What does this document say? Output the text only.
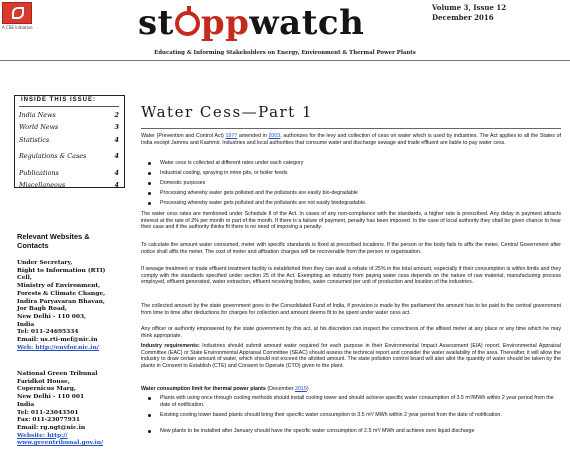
A CSE initiative	st ppwatch	Volume 3, Issue 12
December 2016
Educating & Informing Stakeholders on Energy, Environment & Thermal Power Plants
INSIDE THIS ISSUE:
India News	2
World News	3
Statistics	4
Regulations & Cases	4
Publications	4
Miscellaneous	4
Relevant Websites &
Contacts
Under Secretary,
Right to Information (RTI)
Cell,
Ministry of Environment,
Forests & Climate Change,
Indira Paryavaran Bhavan,
Jor Bagh Road,
New Delhi - 110 003,
India
Tel: 011-24695334
Email: us.rti-mef@nic.in
Web: http://envfor.nic.in/
National Green Tribunal
Faridkot House,
Copernicus Marg,
New Delhi - 110 001
India
Tel: 011-23043501
Fax: 011-23077931
Email: rg.ngt@nic.in
Website: http://
www.greentribunal.gov.in/
Water Cess—Part 1
Water (Prevention and Control Act) 1977 amended in 2003, authorizes for the levy and collection of cess on water which is used by industries. The Act applies to all the States of India except Jammu and Kashmir. Industries and local authorities that consume water and discharge sewage and trade effluent are liable to pay water cess.
Water cess is collected at different rates under each category
Industrial cooling, spraying in mine pits, or boiler feeds
Domestic purposes
Processing whereby water gets polluted and the pollutants are easily bio-degradable
Processing whereby water gets polluted and the pollutants are not easily biodegradable.
The water cess rates are mentioned under Schedule II of the Act. In cases of any non-compliance with the standards, a higher rate is prescribed. Any delay in payment attracts interest at the rate of 2% per month or part of the month. If there is a failure of payment, penalty has been imposed. In the case of local authority they shall be given chance to hear their case and if the authority thinks fit there is no need of imposing a penalty.
To calculate the amount water consumed, meter with specific standards is fixed at prescribed locations. If the person or the body fails to affix the meter, Central Government after notice shall affix the meter. The cost of meter and affixation charges will be recoverable from the person or organisation.
If sewage treatment or trade effluent treatment facility is established then they can avail a rebate of 25% in the total amount, especially if their consumption is within limits and they comply with the standards specified under section 25 of the Act. Exempting an industry from paying water cess depends on the nature of raw material, manufacturing process employed, effluent generated, water extraction, effluent receiving bodies, water consumed per unit of production and location of the industries.
The collected amount by the state government goes to the Consolidated Fund of India, if provision is made by the parliament the amount has to be paid to the central government from time to time after deductions for charges for collection and amount deems fit to be spent under water cess act.
Any officer or authority empowered by the state government by this act, at his discretion can inspect the correctness of the affixed meter at any place or any time which he may think appropriate.
Industry requirements: Industries should submit amount water required for each purpose in their Environmental Impact Assessment (EIA) report. Environmental Appraisal Committee (EAC) or State Environmental Appraisal Committee (SEAC) should assess the technical report and consider the water availability of the area. Thereafter, it will allow the industry to draw certain amount of water, which should not exceed the allotted amount. The state pollution control board will also allot the quantity of water should be taken by the plants in Consent to Establish (CTE) and Consent to Operate (CTO) given to the plant.
Water consumption limit for thermal power plants (December 2015)
Plants with using once through cooling methods should install cooling tower and should achieve specific water consumption of 3.5 m³/MWh within 2 year period from the date of notification.
Existing cooling tower based plants should bring their specific water consumption to 3.5 m³/ MWh within 2 year period from the date of notification.
New plants to be installed after January should have the specific water consumption of 2.5 m³/ MWh and achieve zero liquid discharge
